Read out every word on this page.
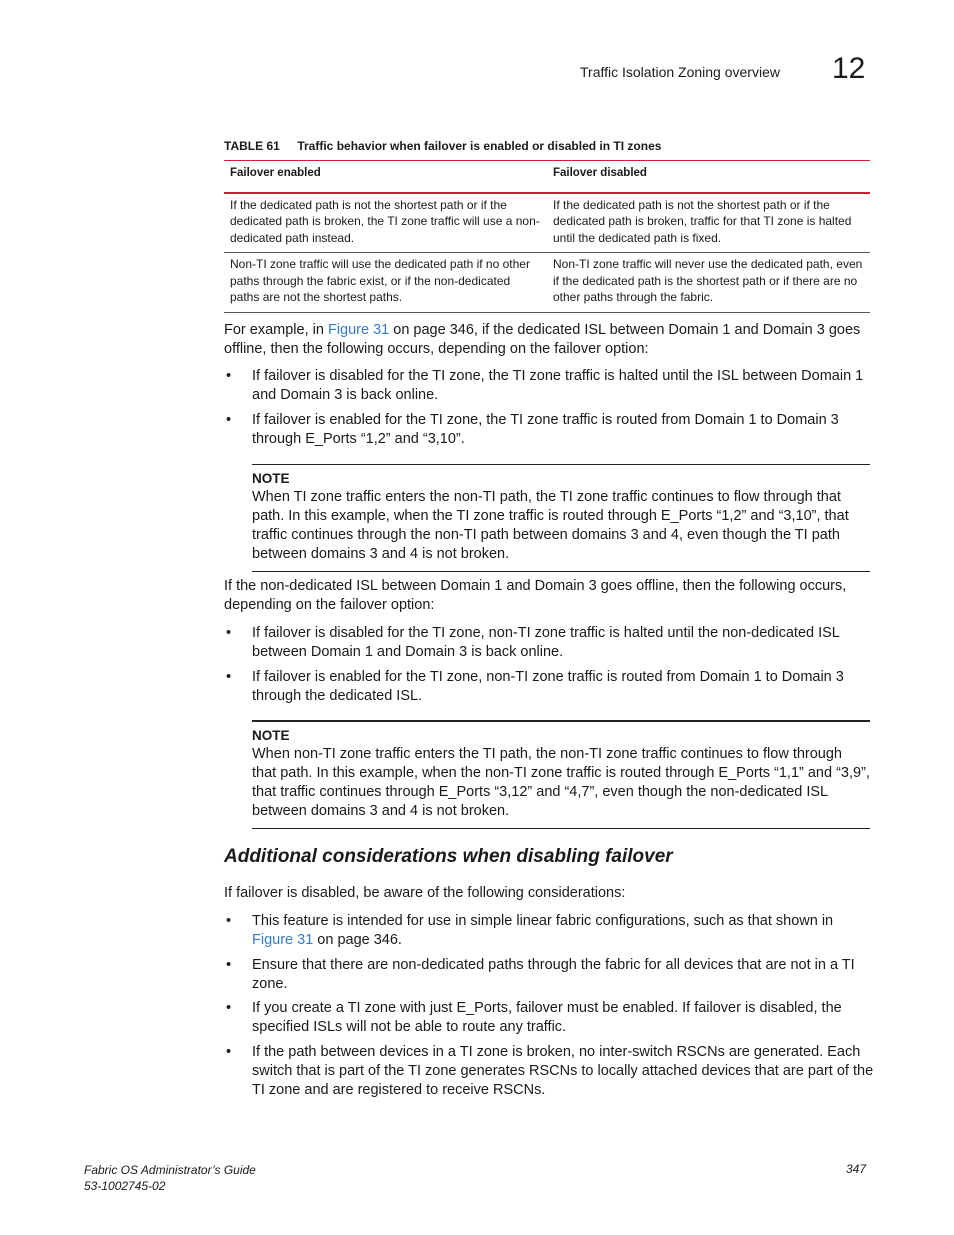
Traffic Isolation Zoning overview 12
TABLE 61 Traffic behavior when failover is enabled or disabled in TI zones
Failover enabled	Failover disabled
If the dedicated path is not the shortest path or if the dedicated path is broken, the TI zone traffic will use a non-dedicated path instead.	If the dedicated path is not the shortest path or if the dedicated path is broken, traffic for that TI zone is halted until the dedicated path is fixed.
Non-TI zone traffic will use the dedicated path if no other paths through the fabric exist, or if the non-dedicated paths are not the shortest paths.	Non-TI zone traffic will never use the dedicated path, even if the dedicated path is the shortest path or if there are no other paths through the fabric.
For example, in Figure 31 on page 346, if the dedicated ISL between Domain 1 and Domain 3 goes offline, then the following occurs, depending on the failover option:
• If failover is disabled for the TI zone, the TI zone traffic is halted until the ISL between Domain 1 and Domain 3 is back online.
• If failover is enabled for the TI zone, the TI zone traffic is routed from Domain 1 to Domain 3 through E_Ports “1,2” and “3,10”.
NOTE
When TI zone traffic enters the non-TI path, the TI zone traffic continues to flow through that path. In this example, when the TI zone traffic is routed through E_Ports “1,2” and “3,10”, that traffic continues through the non-TI path between domains 3 and 4, even though the TI path between domains 3 and 4 is not broken.
If the non-dedicated ISL between Domain 1 and Domain 3 goes offline, then the following occurs, depending on the failover option:
• If failover is disabled for the TI zone, non-TI zone traffic is halted until the non-dedicated ISL between Domain 1 and Domain 3 is back online.
• If failover is enabled for the TI zone, non-TI zone traffic is routed from Domain 1 to Domain 3 through the dedicated ISL.
NOTE
When non-TI zone traffic enters the TI path, the non-TI zone traffic continues to flow through that path. In this example, when the non-TI zone traffic is routed through E_Ports “1,1” and “3,9”, that traffic continues through E_Ports “3,12” and “4,7”, even though the non-dedicated ISL between domains 3 and 4 is not broken.
Additional considerations when disabling failover
If failover is disabled, be aware of the following considerations:
• This feature is intended for use in simple linear fabric configurations, such as that shown in Figure 31 on page 346.
• Ensure that there are non-dedicated paths through the fabric for all devices that are not in a TI zone.
• If you create a TI zone with just E_Ports, failover must be enabled. If failover is disabled, the specified ISLs will not be able to route any traffic.
• If the path between devices in a TI zone is broken, no inter-switch RSCNs are generated. Each switch that is part of the TI zone generates RSCNs to locally attached devices that are part of the TI zone and are registered to receive RSCNs.
Fabric OS Administrator’s Guide
53-1002745-02
347
